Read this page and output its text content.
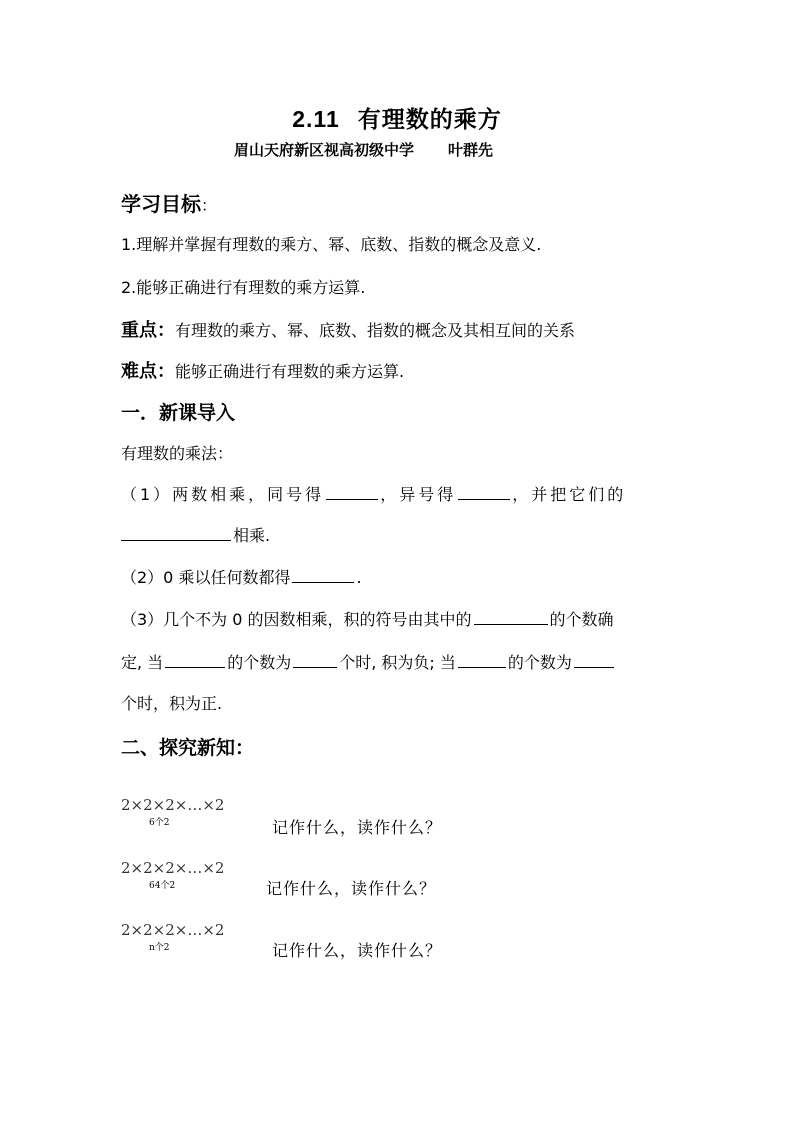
2.11 有理数的乘方
眉山天府新区视高初级中学 叶群先
学习目标：
1.理解并掌握有理数的乘方、幂、底数、指数的概念及意义.
2.能够正确进行有理数的乘方运算.
重点：有理数的乘方、幂、底数、指数的概念及其相互间的关系
难点：能够正确进行有理数的乘方运算.
一．新课导入
有理数的乘法：
（1）两数相乘，同号得	，异号得	，并把它们的
相乘.
（2）0 乘以任何数都得	.
（3）几个不为 0 的因数相乘，积的符号由其中的	的个数确
定, 当	的个数为	个时, 积为负; 当	的个数为
个时，积为正.
二、探究新知：
2×2×2×…×2
6个2	记作什么，读作什么？
2×2×2×…×2
64个2	记作什么，读作什么？
2×2×2×…×2
n个2	记作什么，读作什么？
